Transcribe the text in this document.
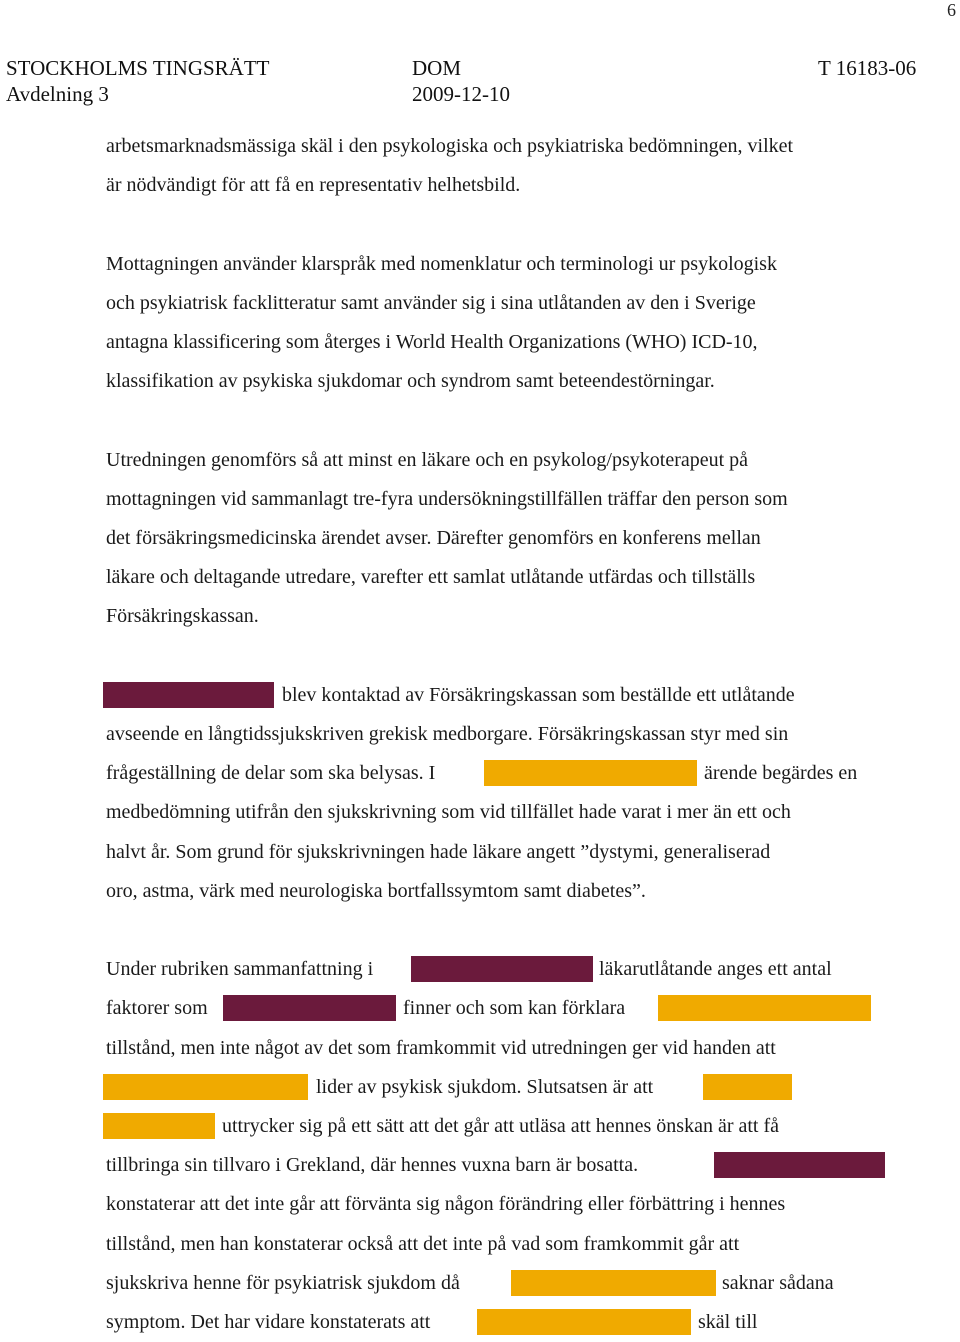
6
STOCKHOLMS TINGSRÄTT
Avdelning 3
DOM
2009-12-10
T 16183-06
arbetsmarknadsmässiga skäl i den psykologiska och psykiatriska bedömningen, vilket
är nödvändigt för att få en representativ helhetsbild.
Mottagningen använder klarspråk med nomenklatur och terminologi ur psykologisk
och psykiatrisk facklitteratur samt använder sig i sina utlåtanden av den i Sverige
antagna klassificering som återges i World Health Organizations (WHO) ICD-10,
klassifikation av psykiska sjukdomar och syndrom samt beteendestörningar.
Utredningen genomförs så att minst en läkare och en psykolog/psykoterapeut på
mottagningen vid sammanlagt tre-fyra undersökningstillfällen träffar den person som
det försäkringsmedicinska ärendet avser. Därefter genomförs en konferens mellan
läkare och deltagande utredare, varefter ett samlat utlåtande utfärdas och tillställs
Försäkringskassan.
blev kontaktad av Försäkringskassan som beställde ett utlåtande
avseende en långtidssjukskriven grekisk medborgare. Försäkringskassan styr med sin
frågeställning de delar som ska belysas. I	ärende begärdes en
medbedömning utifrån den sjukskrivning som vid tillfället hade varat i mer än ett och
halvt år. Som grund för sjukskrivningen hade läkare angett ”dystymi, generaliserad
oro, astma, värk med neurologiska bortfallssymtom samt diabetes”.
Under rubriken sammanfattning i	läkarutlåtande anges ett antal
faktorer som	finner och som kan förklara
tillstånd, men inte något av det som framkommit vid utredningen ger vid handen att
lider av psykisk sjukdom. Slutsatsen är att
uttrycker sig på ett sätt att det går att utläsa att hennes önskan är att få
tillbringa sin tillvaro i Grekland, där hennes vuxna barn är bosatta.
konstaterar att det inte går att förvänta sig någon förändring eller förbättring i hennes
tillstånd, men han konstaterar också att det inte på vad som framkommit går att
sjukskriva henne för psykiatrisk sjukdom då	saknar sådana
symptom. Det har vidare konstaterats att	skäl till
